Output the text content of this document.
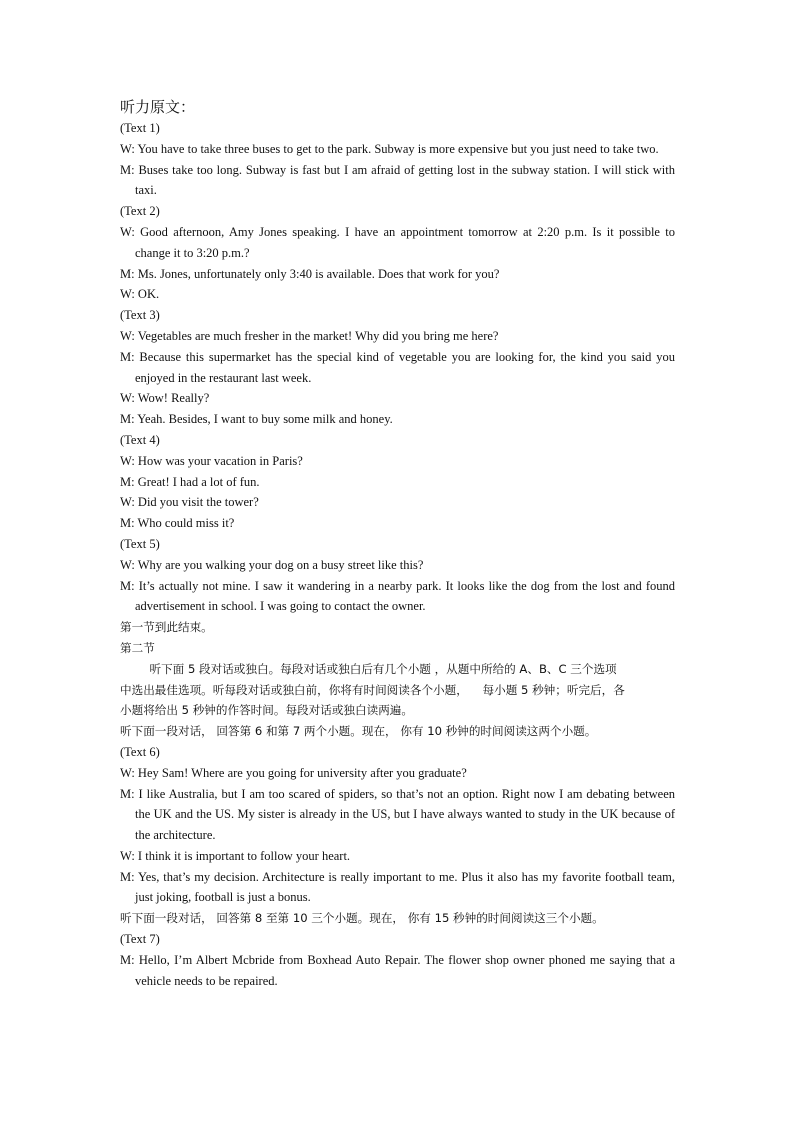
听力原文：
(Text 1)
W: You have to take three buses to get to the park. Subway is more expensive but you just need to take two.
M: Buses take too long. Subway is fast but I am afraid of getting lost in the subway station. I will stick with taxi.
(Text 2)
W: Good afternoon, Amy Jones speaking. I have an appointment tomorrow at 2:20 p.m. Is it possible to change it to 3:20 p.m.?
M: Ms. Jones, unfortunately only 3:40 is available. Does that work for you?
W: OK.
(Text 3)
W: Vegetables are much fresher in the market! Why did you bring me here?
M: Because this supermarket has the special kind of vegetable you are looking for, the kind you said you enjoyed in the restaurant last week.
W: Wow! Really?
M: Yeah. Besides, I want to buy some milk and honey.
(Text 4)
W: How was your vacation in Paris?
M: Great! I had a lot of fun.
W: Did you visit the tower?
M: Who could miss it?
(Text 5)
W: Why are you walking your dog on a busy street like this?
M: It’s actually not mine. I saw it wandering in a nearby park. It looks like the dog from the lost and found advertisement in school. I was going to contact the owner.
第一节到此结束。
第二节
听下面 5 段对话或独白。每段对话或独白后有几个小题 ，从题中所给的 A、B、C 三个选项
中选出最佳选项。听每段对话或独白前，你将有时间阅读各个小题，    每小题 5 秒钟；听完后，各
小题将给出 5 秒钟的作答时间。每段对话或独白读两遍。
听下面一段对话， 回答第 6 和第 7 两个小题。现在， 你有 10 秒钟的时间阅读这两个小题。
(Text 6)
W: Hey Sam! Where are you going for university after you graduate?
M: I like Australia, but I am too scared of spiders, so that’s not an option. Right now I am debating between the UK and the US. My sister is already in the US, but I have always wanted to study in the UK because of the architecture.
W: I think it is important to follow your heart.
M: Yes, that’s my decision. Architecture is really important to me. Plus it also has my favorite football team, just joking, football is just a bonus.
听下面一段对话， 回答第 8 至第 10 三个小题。现在， 你有 15 秒钟的时间阅读这三个小题。
(Text 7)
M: Hello, I’m Albert Mcbride from Boxhead Auto Repair. The flower shop owner phoned me saying that a vehicle needs to be repaired.
